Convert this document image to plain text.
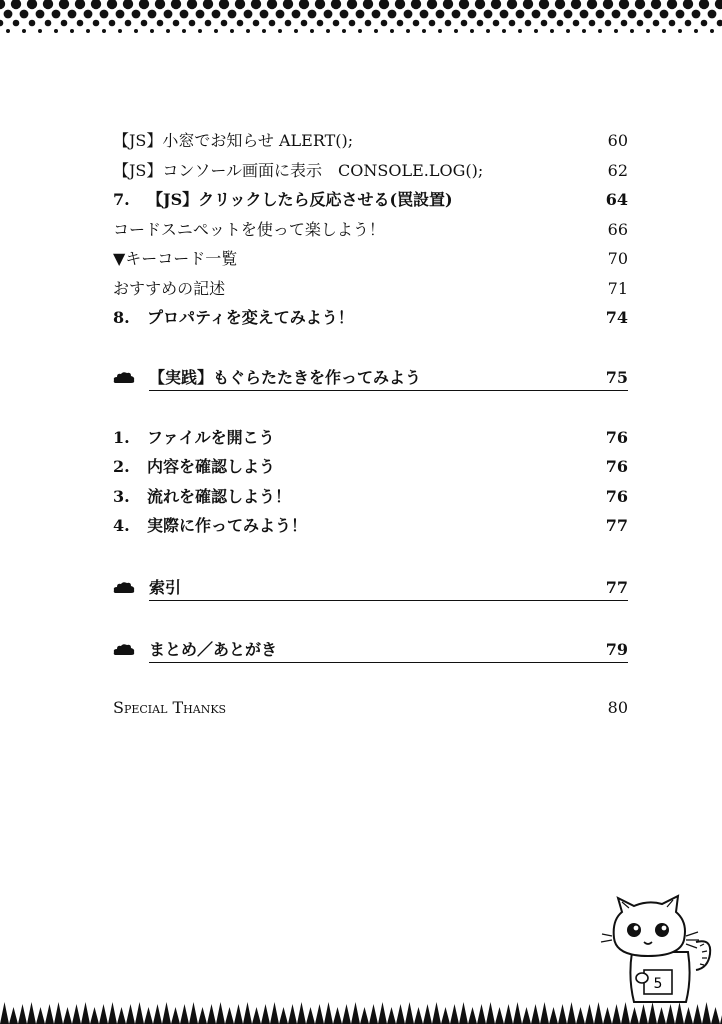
【JS】小窓でお知らせ ALERT();	60
【JS】コンソール画面に表示　CONSOLE.LOG();	62
7. 【JS】クリックしたら反応させる(罠設置)	64
コードスニペットを使って楽しよう！	66
▼キーコード一覧	70
おすすめの記述	71
8. プロパティを変えてみよう！	74
【実践】もぐらたたきを作ってみよう	75
1. ファイルを開こう	76
2. 内容を確認しよう	76
3. 流れを確認しよう！	76
4. 実際に作ってみよう！	77
索引	77
まとめ／あとがき	79
Special Thanks	80
5
